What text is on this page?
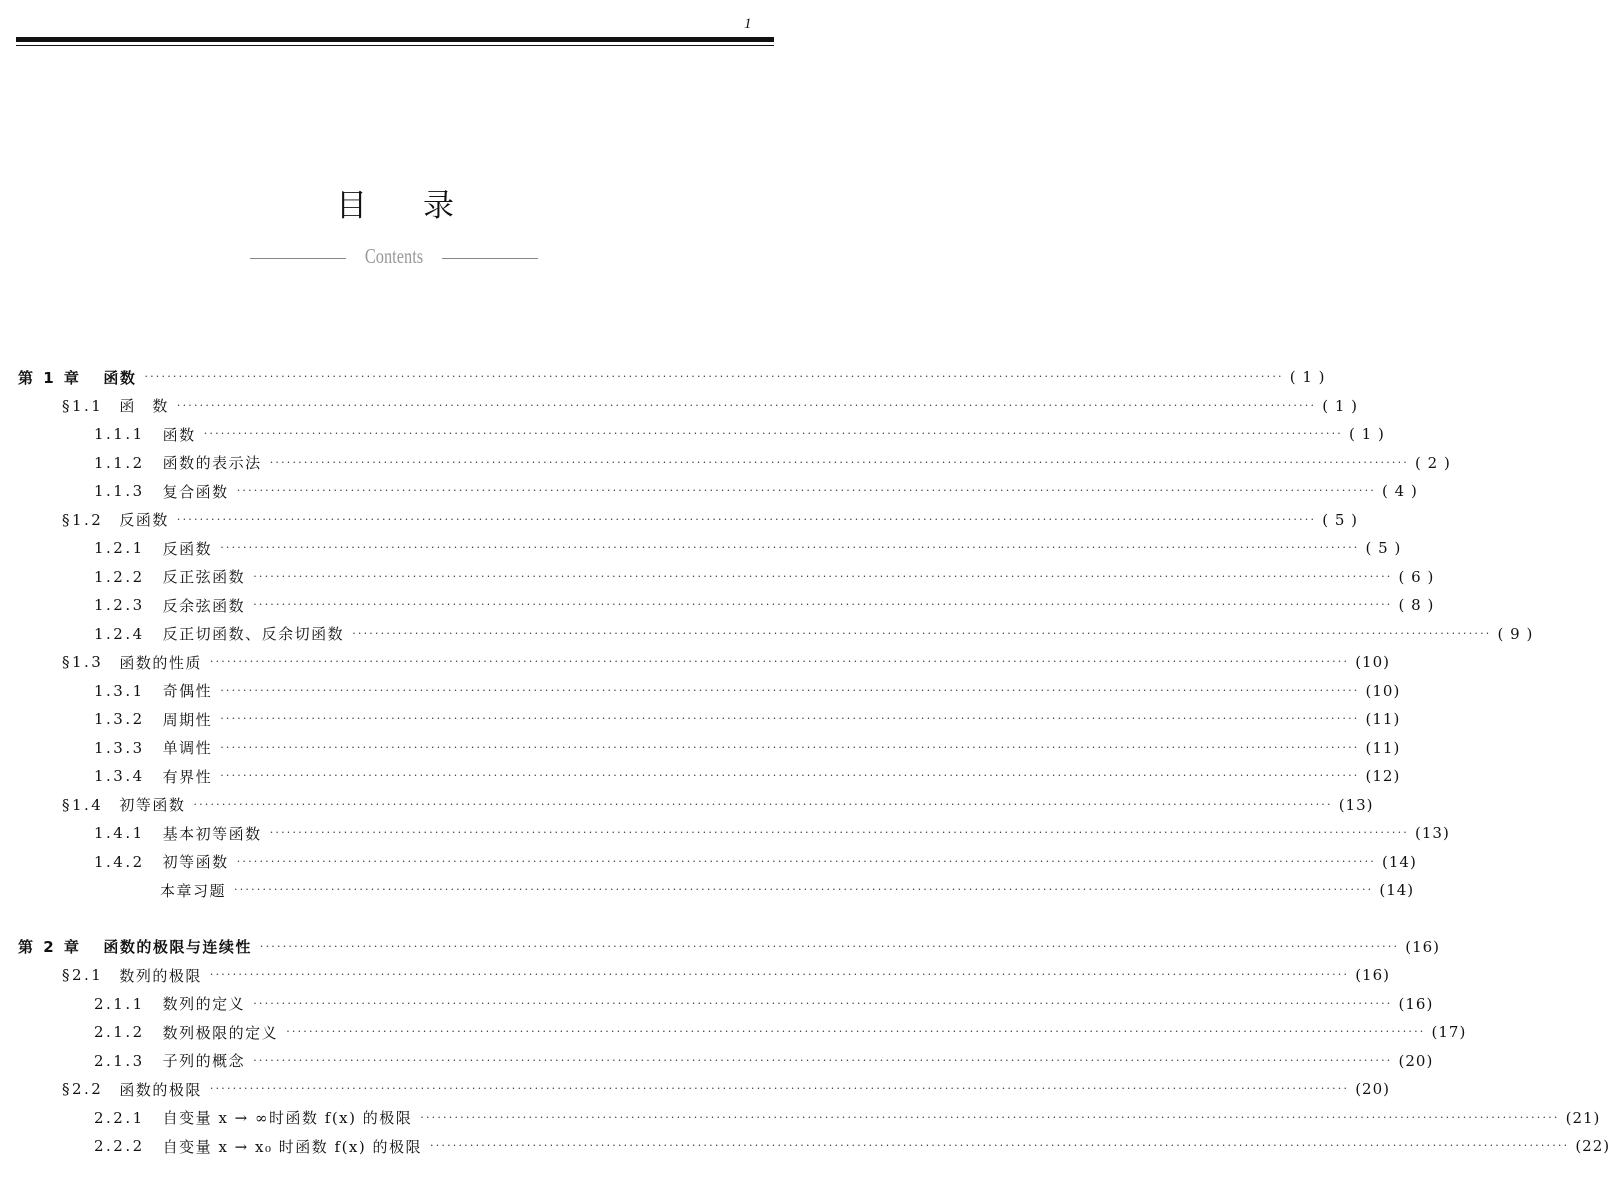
1
目录
Contents
第 1 章 函数 ········································································································································································································ ( 1 )
§1.1 函　数 ········································································································································································································ ( 1 )
1.1.1 函数 ········································································································································································································ ( 1 )
1.1.2 函数的表示法 ········································································································································································································ ( 2 )
1.1.3 复合函数 ········································································································································································································ ( 4 )
§1.2 反函数 ········································································································································································································ ( 5 )
1.2.1 反函数 ········································································································································································································ ( 5 )
1.2.2 反正弦函数 ········································································································································································································ ( 6 )
1.2.3 反余弦函数 ········································································································································································································ ( 8 )
1.2.4 反正切函数、反余切函数 ········································································································································································································ ( 9 )
§1.3 函数的性质 ········································································································································································································ (10)
1.3.1 奇偶性 ········································································································································································································ (10)
1.3.2 周期性 ········································································································································································································ (11)
1.3.3 单调性 ········································································································································································································ (11)
1.3.4 有界性 ········································································································································································································ (12)
§1.4 初等函数 ········································································································································································································ (13)
1.4.1 基本初等函数 ········································································································································································································ (13)
1.4.2 初等函数 ········································································································································································································ (14)
本章习题 ········································································································································································································ (14)
第 2 章 函数的极限与连续性 ········································································································································································································ (16)
§2.1 数列的极限 ········································································································································································································ (16)
2.1.1 数列的定义 ········································································································································································································ (16)
2.1.2 数列极限的定义 ········································································································································································································ (17)
2.1.3 子列的概念 ········································································································································································································ (20)
§2.2 函数的极限 ········································································································································································································ (20)
2.2.1 自变量 x → ∞时函数 f(x) 的极限 ········································································································································································································ (21)
2.2.2 自变量 x → x₀ 时函数 f(x) 的极限 ········································································································································································································ (22)
